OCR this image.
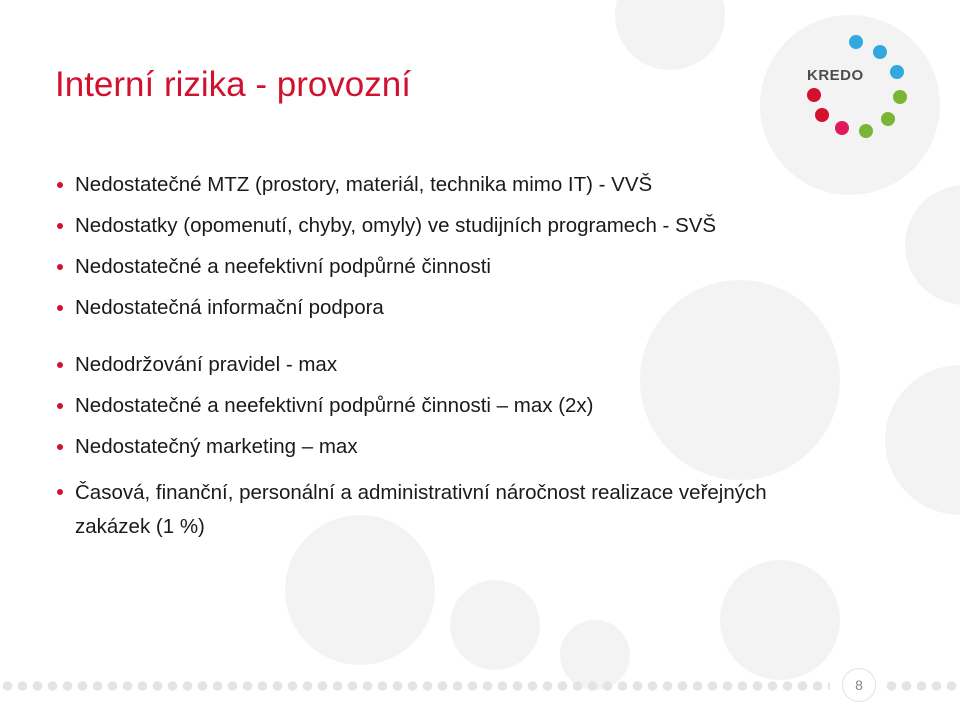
KREDO
Interní rizika - provozní
Nedostatečné MTZ (prostory, materiál, technika mimo IT) - VVŠ
Nedostatky (opomenutí, chyby, omyly) ve studijních programech - SVŠ
Nedostatečné a neefektivní podpůrné činnosti
Nedostatečná informační podpora
Nedodržování pravidel - max
Nedostatečné a neefektivní podpůrné činnosti – max (2x)
Nedostatečný marketing – max
Časová, finanční, personální a administrativní náročnost realizace veřejných zakázek (1 %)
8
